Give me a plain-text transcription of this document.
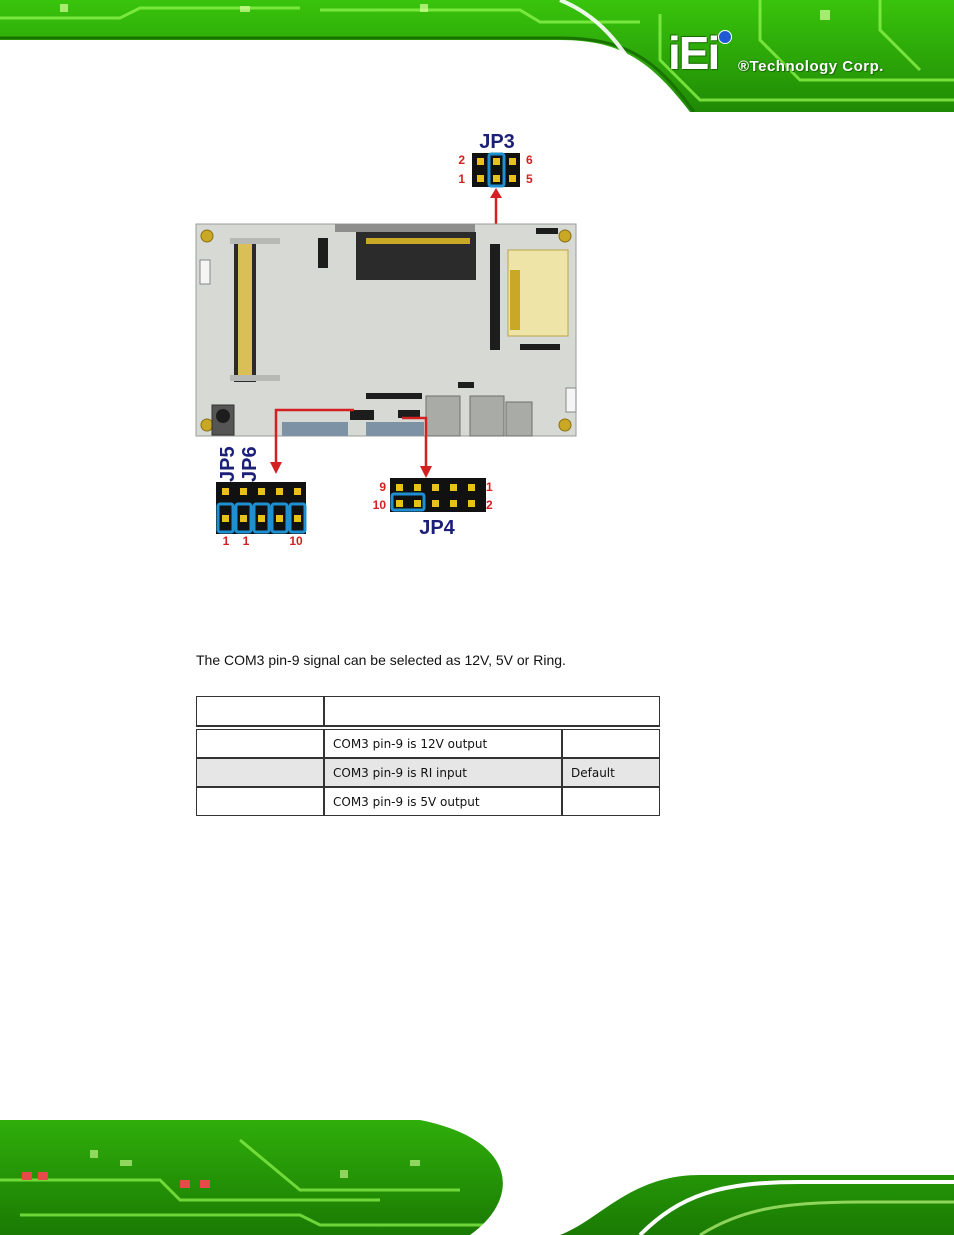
iEi ®Technology Corp.
JP3
2
1
6
5
JP5 JP6
1 1	10
9
10
1
2
JP4
The COM3 pin-9 signal can be selected as 12V, 5V or Ring.

	COM3 pin-9 is 12V output	
	COM3 pin-9 is RI input	Default
	COM3 pin-9 is 5V output	
